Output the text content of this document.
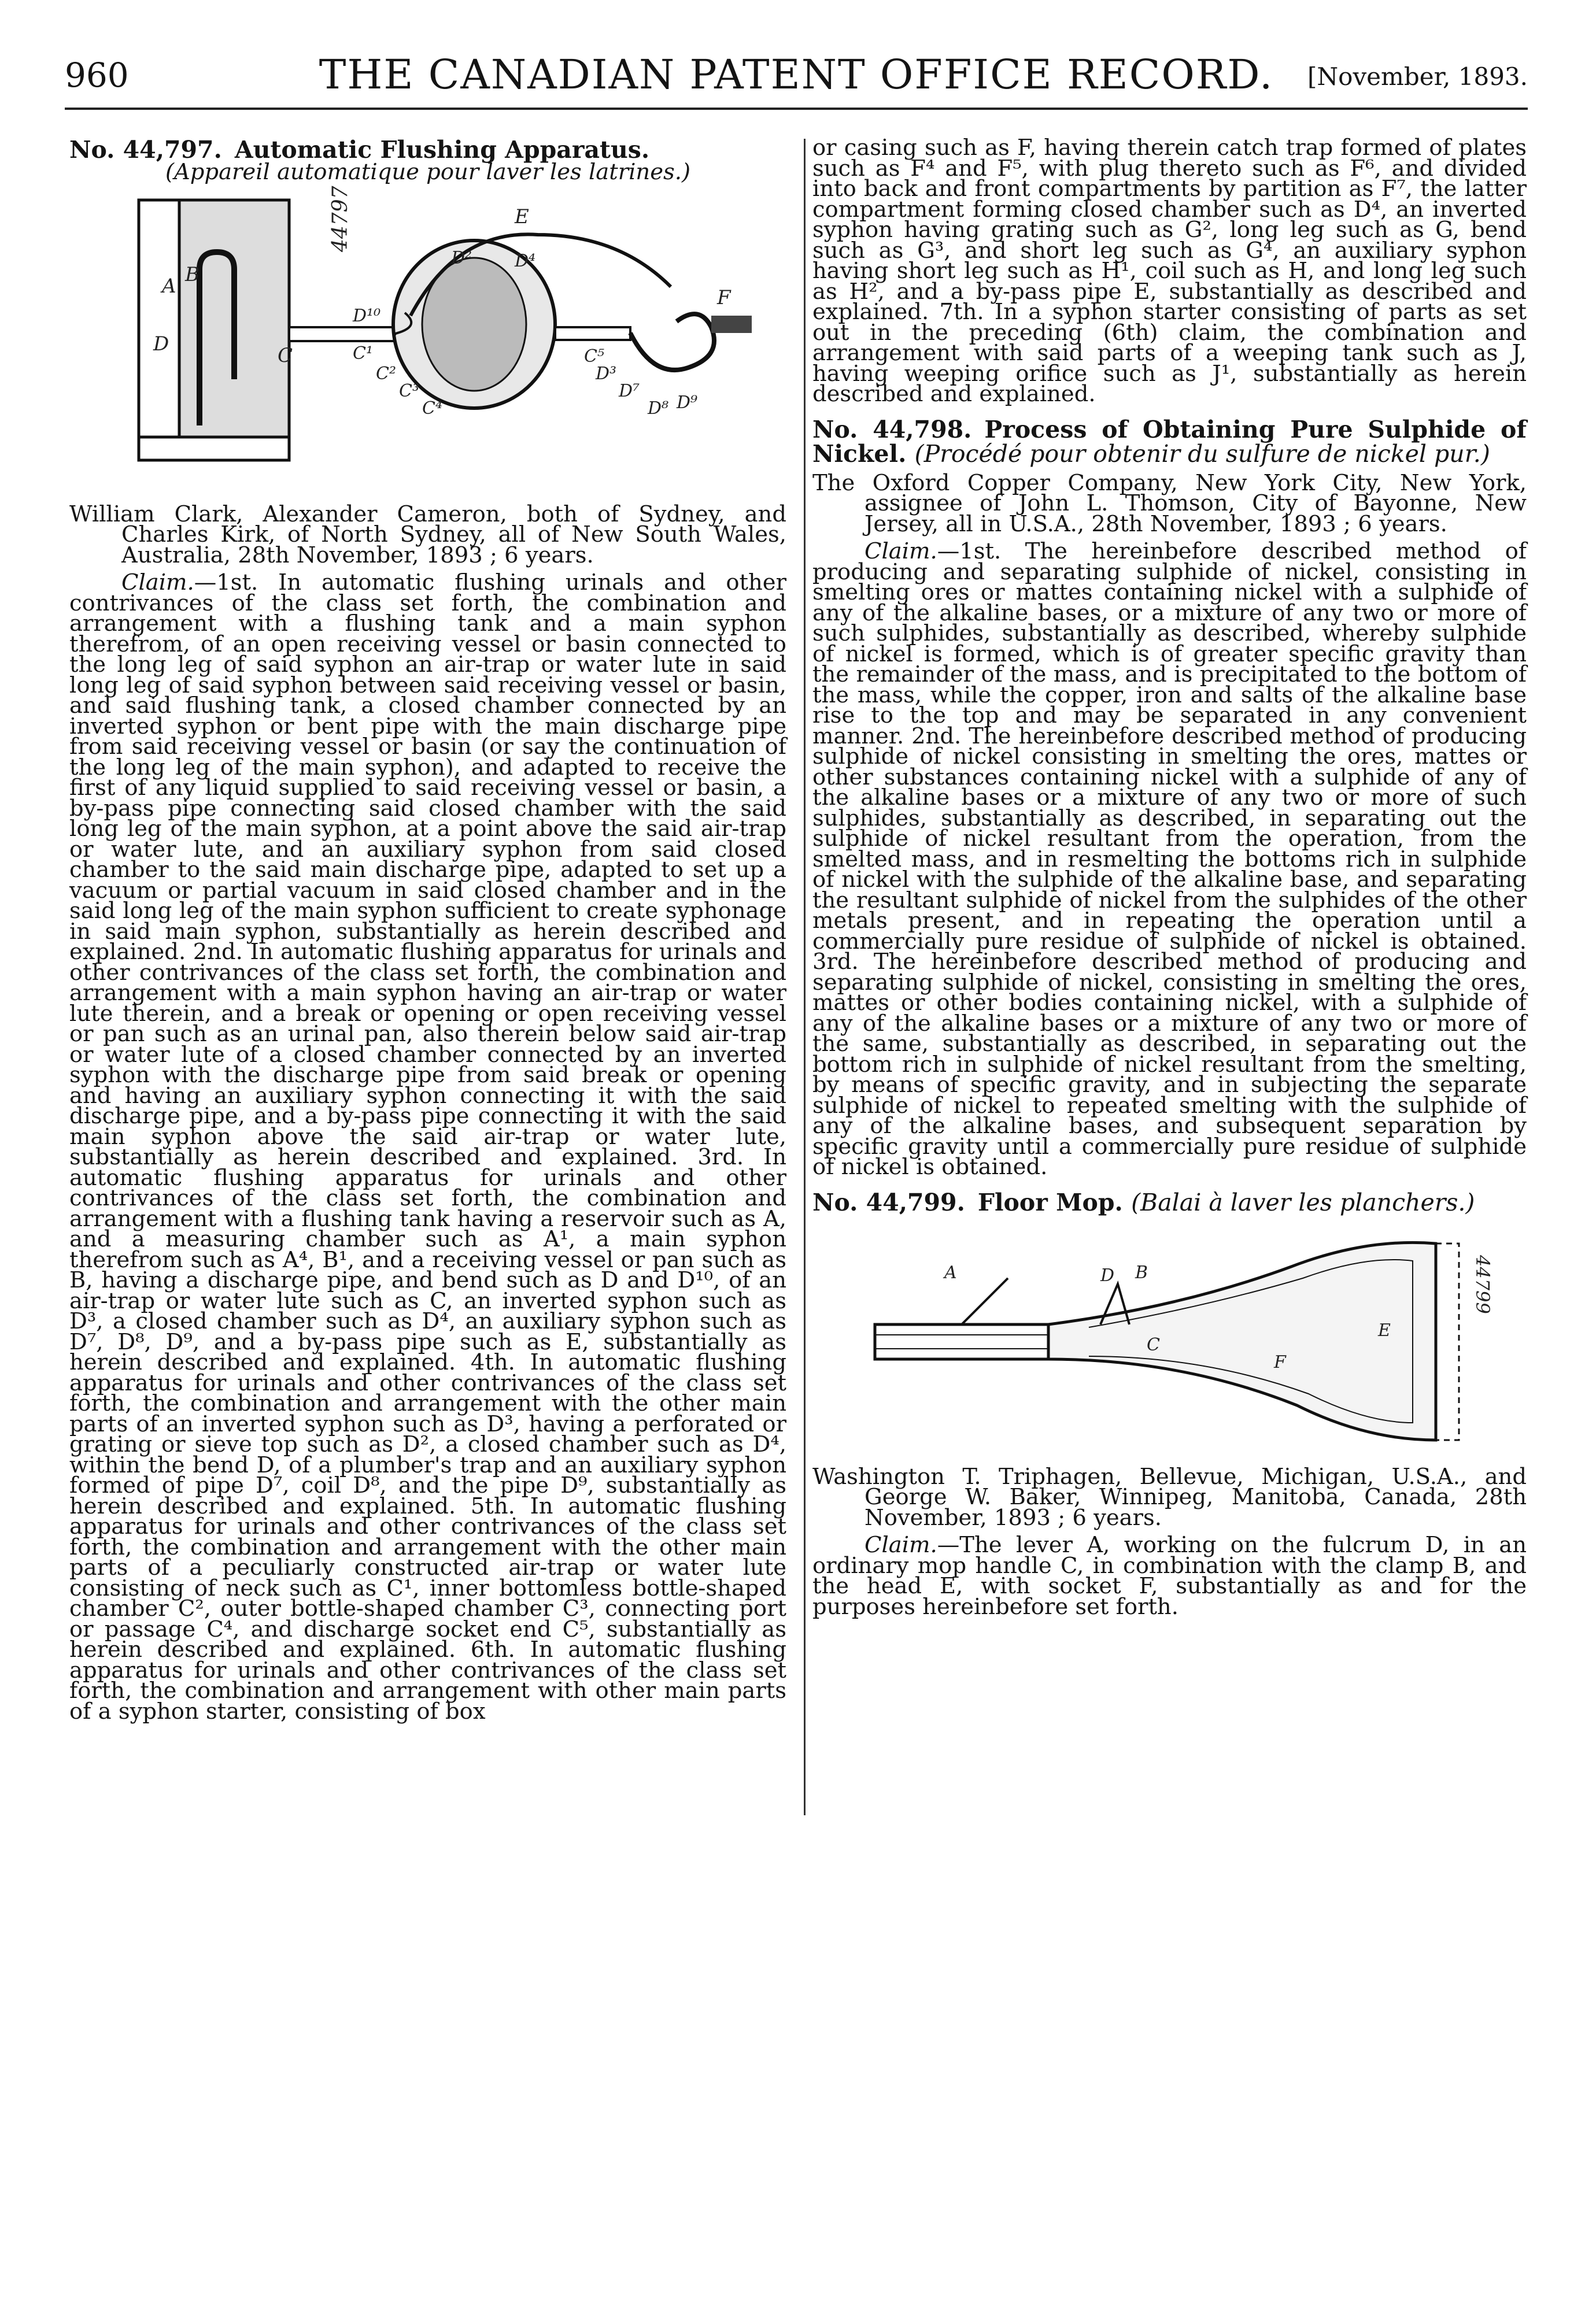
960	THE CANADIAN PATENT OFFICE RECORD.	[November, 1893.

No. 44,797. Automatic Flushing Apparatus.

(Appareil automatique pour laver les latrines.)

A B
D	C	C¹
C²
C³
C⁴
C⁵
D²
D³
D⁴
D⁷
D⁸ D⁹
D¹⁰
E
F
44797

William Clark, Alexander Cameron, both of Sydney, and Charles Kirk, of North Sydney, all of New South Wales, Australia, 28th November, 1893 ; 6 years.

Claim.—1st. In automatic flushing urinals and other contrivances of the class set forth, the combination and arrangement with a flushing tank and a main syphon therefrom, of an open receiving vessel or basin connected to the long leg of said syphon an air-trap or water lute in said long leg of said syphon between said receiving vessel or basin, and said flushing tank, a closed chamber connected by an inverted syphon or bent pipe with the main discharge pipe from said receiving vessel or basin (or say the continuation of the long leg of the main syphon), and adapted to receive the first of any liquid supplied to said receiving vessel or basin, a by-pass pipe connecting said closed chamber with the said long leg of the main syphon, at a point above the said air-trap or water lute, and an auxiliary syphon from said closed chamber to the said main discharge pipe, adapted to set up a vacuum or partial vacuum in said closed chamber and in the said long leg of the main syphon sufficient to create syphonage in said main syphon, substantially as herein described and explained. 2nd. In automatic flushing apparatus for urinals and other contrivances of the class set forth, the combination and arrangement with a main syphon having an air-trap or water lute therein, and a break or opening or open receiving vessel or pan such as an urinal pan, also therein below said air-trap or water lute of a closed chamber connected by an inverted syphon with the discharge pipe from said break or opening and having an auxiliary syphon connecting it with the said discharge pipe, and a by-pass pipe connecting it with the said main syphon above the said air-trap or water lute, substantially as herein described and explained. 3rd. In automatic flushing apparatus for urinals and other contrivances of the class set forth, the combination and arrangement with a flushing tank having a reservoir such as A, and a measuring chamber such as A¹, a main syphon therefrom such as A⁴, B¹, and a receiving vessel or pan such as B, having a discharge pipe, and bend such as D and D¹⁰, of an air-trap or water lute such as C, an inverted syphon such as D³, a closed chamber such as D⁴, an auxiliary syphon such as D⁷, D⁸, D⁹, and a by-pass pipe such as E, substantially as herein described and explained. 4th. In automatic flushing apparatus for urinals and other contrivances of the class set forth, the combination and arrangement with the other main parts of an inverted syphon such as D³, having a perforated or grating or sieve top such as D², a closed chamber such as D⁴, within the bend D, of a plumber's trap and an auxiliary syphon formed of pipe D⁷, coil D⁸, and the pipe D⁹, substantially as herein described and explained. 5th. In automatic flushing apparatus for urinals and other contrivances of the class set forth, the combination and arrangement with the other main parts of a peculiarly constructed air-trap or water lute consisting of neck such as C¹, inner bottomless bottle-shaped chamber C², outer bottle-shaped chamber C³, connecting port or passage C⁴, and discharge socket end C⁵, substantially as herein described and explained. 6th. In automatic flushing apparatus for urinals and other contrivances of the class set forth, the combination and arrangement with other main parts of a syphon starter, consisting of box

or casing such as F, having therein catch trap formed of plates such as F⁴ and F⁵, with plug thereto such as F⁶, and divided into back and front compartments by partition as F⁷, the latter compartment forming closed chamber such as D⁴, an inverted syphon having grating such as G², long leg such as G, bend such as G³, and short leg such as G⁴, an auxiliary syphon having short leg such as H¹, coil such as H, and long leg such as H², and a by-pass pipe E, substantially as described and explained. 7th. In a syphon starter consisting of parts as set out in the preceding (6th) claim, the combination and arrangement with said parts of a weeping tank such as J, having weeping orifice such as J¹, substantially as herein described and explained.

No. 44,798. Process of Obtaining Pure Sulphide of Nickel. (Procédé pour obtenir du sulfure de nickel pur.)

The Oxford Copper Company, New York City, New York, assignee of John L. Thomson, City of Bayonne, New Jersey, all in U.S.A., 28th November, 1893 ; 6 years.

Claim.—1st. The hereinbefore described method of producing and separating sulphide of nickel, consisting in smelting ores or mattes containing nickel with a sulphide of any of the alkaline bases, or a mixture of any two or more of such sulphides, substantially as described, whereby sulphide of nickel is formed, which is of greater specific gravity than the remainder of the mass, and is precipitated to the bottom of the mass, while the copper, iron and salts of the alkaline base rise to the top and may be separated in any convenient manner. 2nd. The hereinbefore described method of producing sulphide of nickel consisting in smelting the ores, mattes or other substances containing nickel with a sulphide of any of the alkaline bases or a mixture of any two or more of such sulphides, substantially as described, in separating out the sulphide of nickel resultant from the operation, from the smelted mass, and in resmelting the bottoms rich in sulphide of nickel with the sulphide of the alkaline base, and separating the resultant sulphide of nickel from the sulphides of the other metals present, and in repeating the operation until a commercially pure residue of sulphide of nickel is obtained. 3rd. The hereinbefore described method of producing and separating sulphide of nickel, consisting in smelting the ores, mattes or other bodies containing nickel, with a sulphide of any of the alkaline bases or a mixture of any two or more of the same, substantially as described, in separating out the bottom rich in sulphide of nickel resultant from the smelting, by means of specific gravity, and in subjecting the separate sulphide of nickel to repeated smelting with the sulphide of any of the alkaline bases, and subsequent separation by specific gravity until a commercially pure residue of sulphide of nickel is obtained.

No. 44,799. Floor Mop. (Balai à laver les planchers.)

A	B
C
D
E
F
44799

Washington T. Triphagen, Bellevue, Michigan, U.S.A., and George W. Baker, Winnipeg, Manitoba, Canada, 28th November, 1893 ; 6 years.

Claim.—The lever A, working on the fulcrum D, in an ordinary mop handle C, in combination with the clamp B, and the head E, with socket F, substantially as and for the purposes hereinbefore set forth.
